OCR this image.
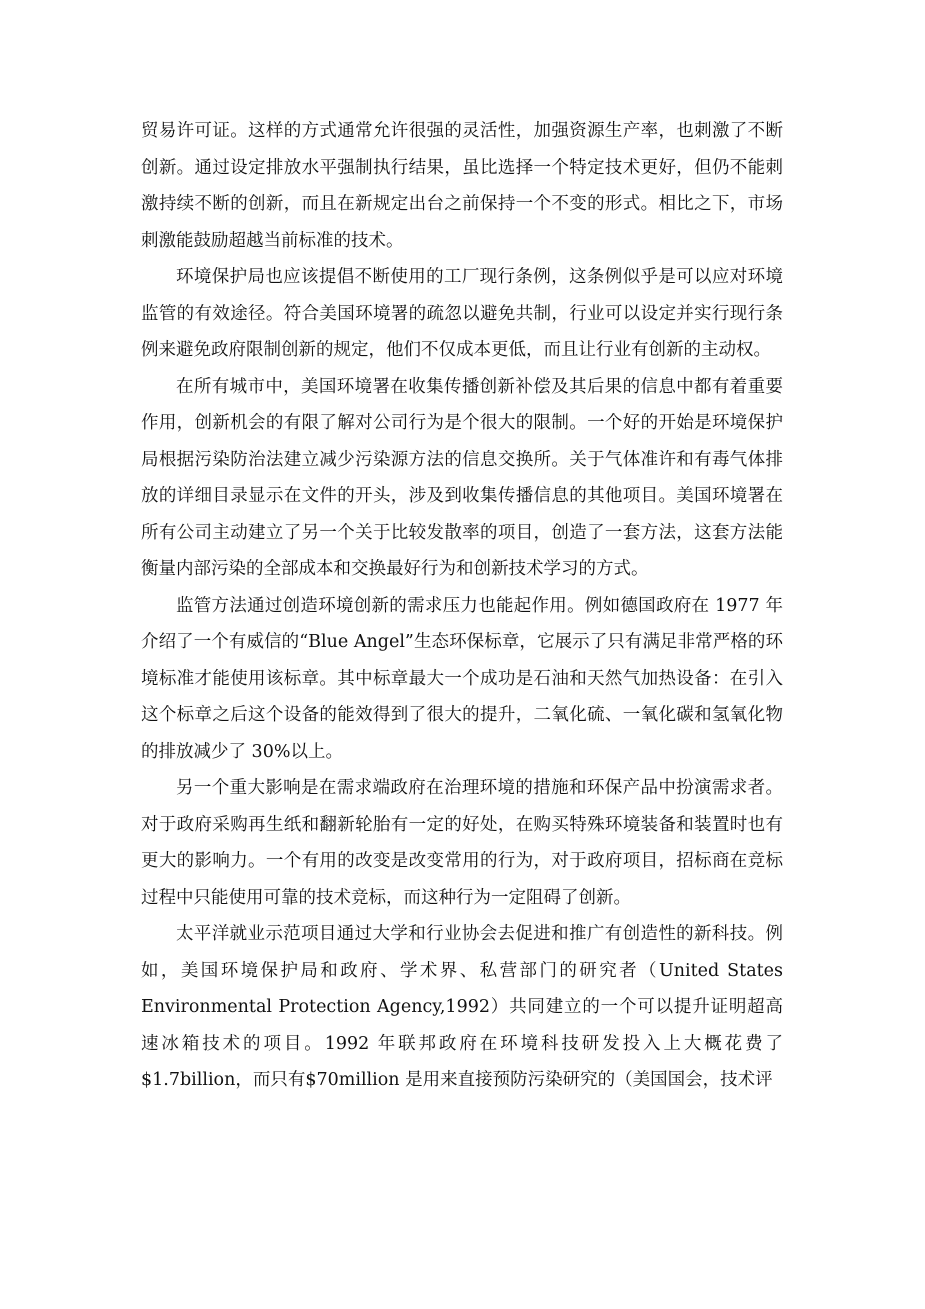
贸易许可证。这样的方式通常允许很强的灵活性，加强资源生产率，也刺激了不断创新。通过设定排放水平强制执行结果，虽比选择一个特定技术更好，但仍不能刺激持续不断的创新，而且在新规定出台之前保持一个不变的形式。相比之下，市场刺激能鼓励超越当前标准的技术。

环境保护局也应该提倡不断使用的工厂现行条例，这条例似乎是可以应对环境监管的有效途径。符合美国环境署的疏忽以避免共制，行业可以设定并实行现行条例来避免政府限制创新的规定，他们不仅成本更低，而且让行业有创新的主动权。

在所有城市中，美国环境署在收集传播创新补偿及其后果的信息中都有着重要作用，创新机会的有限了解对公司行为是个很大的限制。一个好的开始是环境保护局根据污染防治法建立减少污染源方法的信息交换所。关于气体准许和有毒气体排放的详细目录显示在文件的开头，涉及到收集传播信息的其他项目。美国环境署在所有公司主动建立了另一个关于比较发散率的项目，创造了一套方法，这套方法能衡量内部污染的全部成本和交换最好行为和创新技术学习的方式。

监管方法通过创造环境创新的需求压力也能起作用。例如德国政府在 1977 年介绍了一个有威信的“Blue Angel”生态环保标章，它展示了只有满足非常严格的环境标准才能使用该标章。其中标章最大一个成功是石油和天然气加热设备：在引入这个标章之后这个设备的能效得到了很大的提升，二氧化硫、一氧化碳和氢氧化物的排放减少了 30%以上。

另一个重大影响是在需求端政府在治理环境的措施和环保产品中扮演需求者。对于政府采购再生纸和翻新轮胎有一定的好处，在购买特殊环境装备和装置时也有更大的影响力。一个有用的改变是改变常用的行为，对于政府项目，招标商在竞标过程中只能使用可靠的技术竞标，而这种行为一定阻碍了创新。

太平洋就业示范项目通过大学和行业协会去促进和推广有创造性的新科技。例如，美国环境保护局和政府、学术界、私营部门的研究者（United States Environmental Protection Agency,1992）共同建立的一个可以提升证明超高速冰箱技术的项目。1992 年联邦政府在环境科技研发投入上大概花费了 $1.7billion，而只有$70million 是用来直接预防污染研究的（美国国会，技术评
